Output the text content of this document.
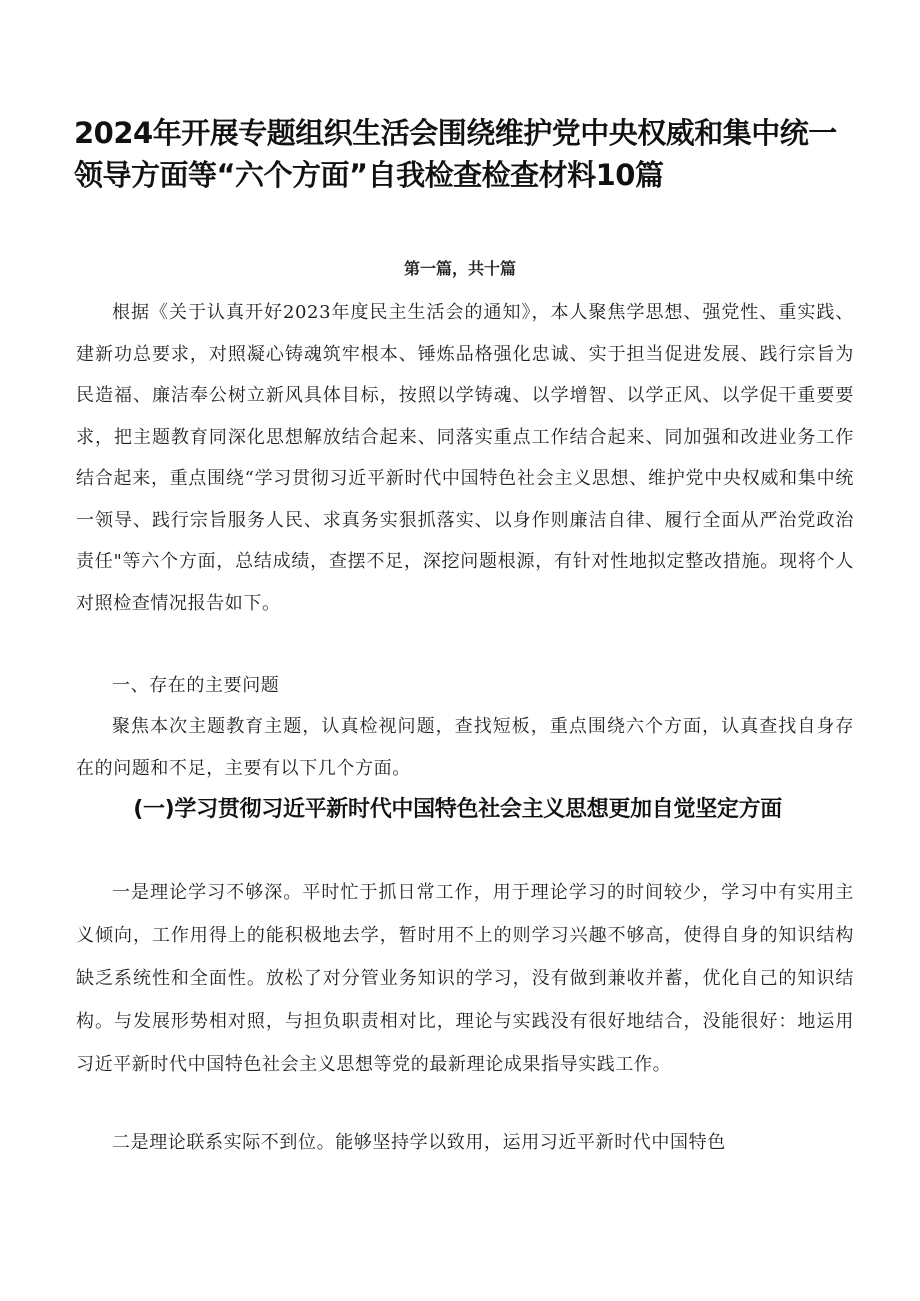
2024年开展专题组织生活会围绕维护党中央权威和集中统一领导方面等“六个方面”自我检查检查材料10篇
第一篇，共十篇

根据《关于认真开好2023年度民主生活会的通知》，本人聚焦学思想、强党性、重实践、建新功总要求，对照凝心铸魂筑牢根本、锤炼品格强化忠诚、实于担当促进发展、践行宗旨为民造福、廉洁奉公树立新风具体目标，按照以学铸魂、以学增智、以学正风、以学促干重要要求，把主题教育同深化思想解放结合起来、同落实重点工作结合起来、同加强和改进业务工作结合起来，重点围绕“学习贯彻习近平新时代中国特色社会主义思想、维护党中央权威和集中统一领导、践行宗旨服务人民、求真务实狠抓落实、以身作则廉洁自律、履行全面从严治党政治责任"等六个方面，总结成绩，查摆不足，深挖问题根源，有针对性地拟定整改措施。现将个人对照检查情况报告如下。

一、存在的主要问题

聚焦本次主题教育主题，认真检视问题，查找短板，重点围绕六个方面，认真查找自身存在的问题和不足，主要有以下几个方面。

(一)学习贯彻习近平新时代中国特色社会主义思想更加自觉坚定方面

一是理论学习不够深。平时忙于抓日常工作，用于理论学习的时间较少，学习中有实用主义倾向，工作用得上的能积极地去学，暂时用不上的则学习兴趣不够高，使得自身的知识结构缺乏系统性和全面性。放松了对分管业务知识的学习，没有做到兼收并蓄，优化自己的知识结构。与发展形势相对照，与担负职责相对比，理论与实践没有很好地结合，没能很好：地运用习近平新时代中国特色社会主义思想等党的最新理论成果指导实践工作。

二是理论联系实际不到位。能够坚持学以致用，运用习近平新时代中国特色
